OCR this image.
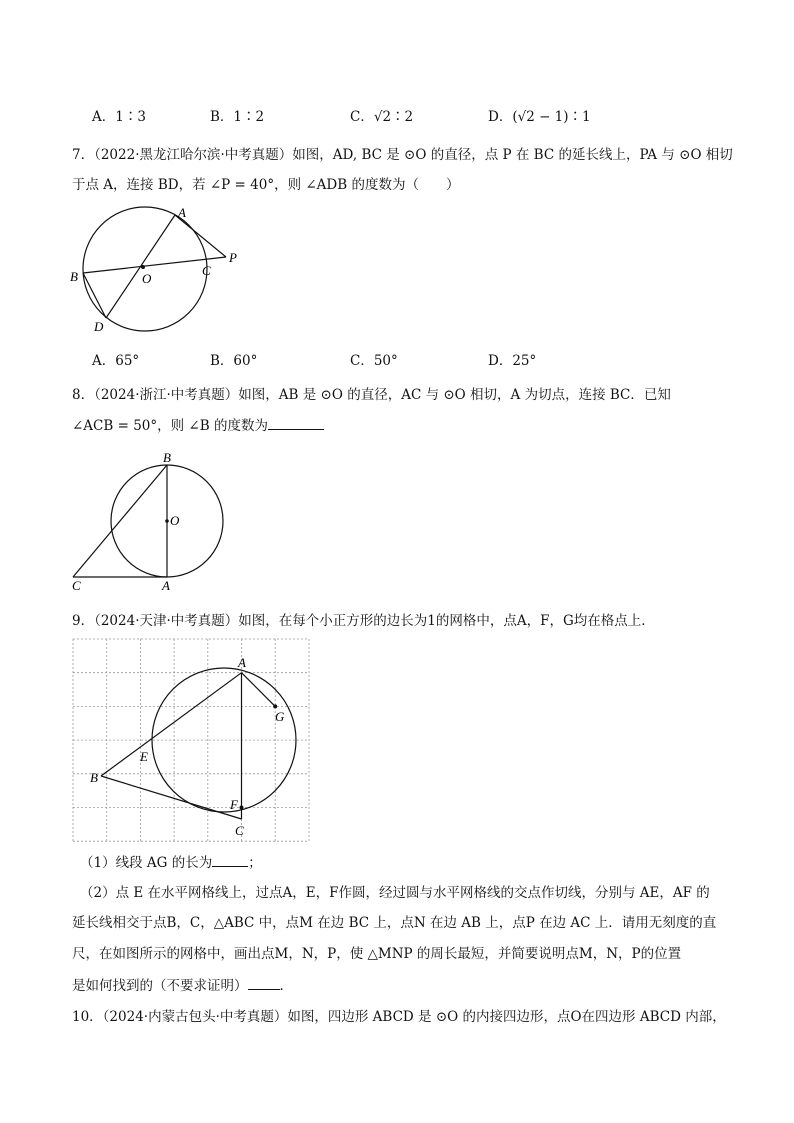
A．1∶3	B．1∶2	C．√2∶2	D．(√2 − 1)∶1
7．（2022·黑龙江哈尔滨·中考真题）如图，AD, BC 是 ⊙O 的直径，点 P 在 BC 的延长线上，PA 与 ⊙O 相切
于点 A，连接 BD，若 ∠P = 40°，则 ∠ADB 的度数为（　　）
A
B	C
D
O
P
A．65°	B．60°	C．50°	D．25°
8．（2024·浙江·中考真题）如图，AB 是 ⊙O 的直径，AC 与 ⊙O 相切，A 为切点，连接 BC．已知
∠ACB = 50°，则 ∠B 的度数为
B
O
C	A
9．（2024·天津·中考真题）如图，在每个小正方形的边长为1的网格中，点A，F，G均在格点上．
A
G
E
B
F
C
（1）线段 AG 的长为	；
（2）点 E 在水平网格线上，过点A，E，F作圆，经过圆与水平网格线的交点作切线，分别与 AE，AF 的
延长线相交于点B，C，△ABC 中，点M 在边 BC 上，点N 在边 AB 上，点P 在边 AC 上．请用无刻度的直
尺，在如图所示的网格中，画出点M，N，P，使 △MNP 的周长最短，并简要说明点M，N，P的位置
是如何找到的（不要求证明） ．
10．（2024·内蒙古包头·中考真题）如图，四边形 ABCD 是 ⊙O 的内接四边形，点O在四边形 ABCD 内部，
